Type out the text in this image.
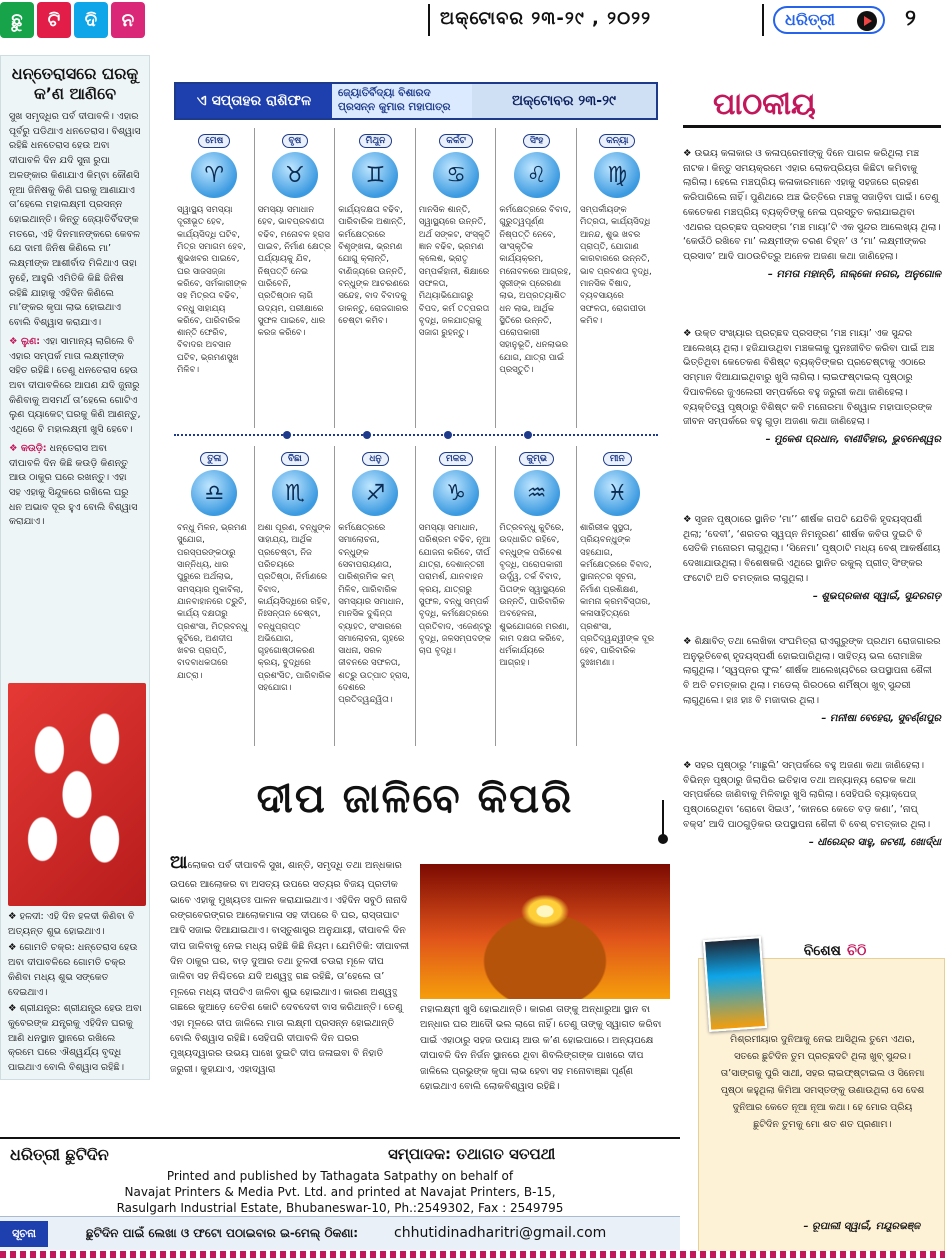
ଛୁ	ଟି	ଦି	ନ	ଅକ୍ଟୋବର ୨୩-୨୯ , ୨୦୨୨	ଧରିତ୍ରୀ	୨
ଧନ୍‌ତେରାସରେ ଘରକୁ କ’ଣ ଆଣିବେ

ସୁଖ ସମୃଦ୍ଧିର ପର୍ବ ଦୀପାବଳି। ଏହାର ପୂର୍ବରୁ ପଡିଥାଏ ଧନତେରାସ। ବିଶ୍ୱାସ ରହିଛି ଧନତେରାସ ହେଉ ଅବା ଦୀପାବଳି ଦିନ ଯଦି ସୁନା ରୁପା ଅଳଙ୍କାର କିଣାଯାଏ କିମ୍ବା କୌଣସି ନୂଆ ଜିନିଷକୁ କିଣି ଘରକୁ ଆଣାଯାଏ ତା’ହେଲେ ମହାଲକ୍ଷ୍ମୀ ପ୍ରସନ୍ନ ହୋଇଥାନ୍ତି। କିନ୍ତୁ ଜ୍ୟୋତିର୍ବିଦଙ୍କ ମତରେ, ଏହି ଦିନମାନଙ୍କରେ କେବଳ ଯେ ଦାମୀ ଜିନିଷ କିଣିଲେ ମା’ ଲକ୍ଷ୍ମୀଙ୍କ ଆଶୀର୍ବାଦ ମିଳିଥାଏ ତାହା ନୁହେଁ, ଆହୁରି ଏମିତିକି କିଛି ଜିନିଷ ରହିଛି ଯାହାକୁ ଏହିଦିନ କିଣିଲେ ମା’ଙ୍କର କୃପା ଲାଭ ହୋଇଥାଏ ବୋଲି ବିଶ୍ୱାସ କରାଯାଏ।

❖ ଲୁଣ: ଏହା ସାମାନ୍ୟ ଲାଗିଲେ ବି ଏହାର ସମ୍ପର୍କ ମାତା ଲକ୍ଷ୍ମୀଙ୍କ ସହିତ ରହିଛି। ତେଣୁ ଧନତେରାସ ହେଉ ଅବା ଦୀପାବଳିରେ ଆପଣ ଯଦି ଜୁନାରୁ କିଣିବାକୁ ଅସମର୍ଥ ତା’ହେଲେ ଗୋଟିଏ ଲୁଣ ପ୍ୟାକେଟ୍ ଘରକୁ କିଣି ଆଣନ୍ତୁ, ଏଥିରେ ବି ମହାଲକ୍ଷ୍ମୀ ଖୁସି ହେବେ।

❖ କଉଡ଼ି: ଧନ୍‌ତେରାସ ଅବା ଦୀପାବଳି ଦିନ କିଛି କଉଡ଼ି କିଣନ୍ତୁ ଆଉ ଠାକୁର ଘରେ ରଖନ୍ତୁ। ଏହା ସହ ଏହାକୁ ସିନ୍ଦୁକରେ ରଖିଲେ ଘରୁ ଧନ ଅଭାବ ଦୂର ହୁଏ ବୋଲି ବିଶ୍ୱାସ କରାଯାଏ।

❖ ହଳଦୀ: ଏହି ଦିନ ହଳଦୀ କିଣିବା ବି ଅତ୍ୟନ୍ତ ଶୁଭ ହୋଇଥାଏ।

❖ ଗୋମତି ଚକ୍ର: ଧନ୍‌ତେରାସ ହେଉ ଅବା ଦୀପାବଳିରେ ଗୋମତି ଚକ୍ର କିଣିବା ମଧ୍ୟ ଶୁଭ ସଙ୍କେତ ଦେଇଥାଏ।

❖ ଶ୍ରୀଯନ୍ତ୍ର: ଶ୍ରୀଯନ୍ତ୍ର ହେଉ ଅବା କୁବେରଙ୍କ ଯନ୍ତ୍ରକୁ ଏହିଦିନ ଘରକୁ ଆଣି ଧନସ୍ଥାନ ସ୍ଥାନରେ ରଖିଲେ କ୍ରମେ ଘରେ ଐଶ୍ୱର୍ଯ୍ୟ ବୃଦ୍ଧି ପାଇଥାଏ ବୋଲି ବିଶ୍ୱାସ ରହିଛି।

ଏ ସପ୍ତାହର ରାଶିଫଳ	ଜ୍ୟୋତିର୍ବିଦ୍ୟା ବିଶାରଦ
ପ୍ରସନ୍ନ କୁମାର ମହାପାତ୍ର	ଅକ୍ଟୋବର ୨୩-୨୯
ମେଷ
♈
ସ୍ୱାସ୍ଥ୍ୟ ସମସ୍ୟା ଦୂରୀଭୂତ ହେବ, କାର୍ଯ୍ୟସିଦ୍ଧି ଘଟିବ, ମିତ୍ର ସମାଗମ ହେବ, ଶୁଭଖବର ପାଇବେ, ଘର ସାଜସଜ୍ଜା କରିବେ, ସର୍ମକାରୀଙ୍କ ସହ ମିତ୍ରତା ବଢିବ, ବନ୍ଧୁ ସାହାଯ୍ୟ କରିବେ, ପାରିବାରିକ ଶାନ୍ତି ଫେରିବ, ବିବାଦର ଅବସାନ ଘଟିବ, ଭ୍ରମଣସୁଖ ମିଳିବ।
ବୃଷ
♉
ସମସ୍ୟା ସମାଧାନ ହେବ, ଭାବପ୍ରବଣତା ବଢିବ, ମନୋବଳ ହ୍ରାସ ପାଇବ, ନିର୍ମାଣ କ୍ଷେତ୍ର ପର୍ଯ୍ୟାୟକୁ ଯିବ, ନିଷ୍ପତ୍ତି ନେଇ ପାରିବେନି, ପ୍ରତିଷ୍ଠାନ ଲାଗି ଉଦ୍ୟମ, ପରୀକ୍ଷାରେ ସୁଫଳ ପାଇବେ, ଧାର କରଜ କରିବେ।
ମିଥୁନ
♊
କାର୍ଯ୍ୟଦକ୍ଷତା ବଢିବ, ପାରିବାରିକ ଅଶାନ୍ତି, କର୍ମକ୍ଷେତ୍ରରେ ବିଶୃଙ୍ଖଳା, ଭ୍ରମଣ ଯୋଗୁ କ୍ଲାନ୍ତି, ବାଣିଜ୍ୟରେ ଉନ୍ନତି, ବନ୍ଧୁଙ୍କ ଆଚରଣରେ ସନ୍ଦେହ, ବାଦ ବିବାଦକୁ ଡାକନ୍ତୁ, ରୋଜଗାରର ଚେଷ୍ଟା କମିବ।
କର୍କଟ
♋
ମାନସିକ ଶାନ୍ତି, ସ୍ୱାସ୍ଥ୍ୟରେ ଉନ୍ନତି, ଅର୍ଥ ସଙ୍କଟ, ସଂସ୍କୃତି ଜ୍ଞାନ ବଢିବ, ଭ୍ରମଣ କ୍ଲେଶ, ଭ୍ରାତୃ ସମ୍ପର୍କହାନୀ, ଶିକ୍ଷାରେ ସଫଳତା, ମିଥ୍ୟାଭିଯୋଗରୁ ବିପଦ, କର୍ମ ତତ୍ପରତା ବୃଦ୍ଧି, ଜଳଯାତ୍ରାକୁ ସଜାଗ ରୁହନ୍ତୁ।
ସିଂହ
♌
କର୍ମକ୍ଷେତ୍ରରେ ବିବାଦ, ଗୁରୁତ୍ୱପୂର୍ଣ୍ଣ ନିଷ୍ପତ୍ତି ନେବେ, ସାଂସ୍କୃତିକ କାର୍ଯ୍ୟକ୍ରମ, ମନୋବଳରେ ଆଗ୍ରହ, ସ୍ତ୍ରୀଙ୍କ ପ୍ରେରଣା ଲାଭ, ଅପ୍ରତ୍ୟାଶିତ ଧନ ଲାଭ, ଆର୍ଥିକ ସ୍ଥିତିରେ ଉନ୍ନତି, ପରୋପକାରୀ ସହାନୁଭୂତି, ଧନଲାଭର ଯୋଗ, ଯାତ୍ରା ପାଇଁ ପ୍ରସ୍ତୁତି।
କନ୍ୟା
♍
ସମ୍ପର୍କୀୟଙ୍କ ମିତ୍ରତା, କାର୍ଯ୍ୟସିଦ୍ଧି ଆନନ୍ଦ, ଶୁଭ ଖବର ପ୍ରାପ୍ତି, ଯୋଗାଣ କାରବାରରେ ଉନ୍ନତି, ଭାବ ପ୍ରବଣତା ବୃଦ୍ଧି, ମାନସିକ ବିଷାଦ, ବ୍ୟବସାୟରେ ସଫଳତା, ରୋଗପୀଡା କମିବ।
ତୁଳା
♎
ବନ୍ଧୁ ମିଳନ, ଭ୍ରମଣ ସୁଯୋଗ, ପରସ୍ପରଙ୍କଠାରୁ ସାନ୍ନିଧ୍ୟ, ଧାର ପୁରୁରେ ଅର୍ଥଲାଭ, ସମସ୍ୟାର ମୁକାବିଲା, ଯାନବାହାନରେ ତ୍ରୁଟି, କାର୍ଯ୍ୟ ଦକ୍ଷତାରୁ ପ୍ରଶଂସା, ମିତ୍ରବନ୍ଧୁ କୁଟିରେ, ଅଣଦୀପ ଖବର ପ୍ରାପ୍ତି, ବାଦବାଧକତାରେ ଯାତ୍ରା।
ବିଛା
♏
ଅଶା ପୂରଣ, ବନ୍ଧୁଙ୍କ ସାହାଯ୍ୟ, ଆର୍ଥିକ ପ୍ରଚେଷ୍ଟା, ନିଜ ପରିଚୟରେ ପ୍ରତିଷ୍ଠା, ନିର୍ମାଣରେ ବିବାଦ, କାର୍ଯ୍ୟସିଦ୍ଧିରେ ରହିବ, ନିଃସନ୍ତାନ ଚେଷ୍ଟା, ବନ୍ଧୁପ୍ରାପ୍ତ ଅଭିଯୋଗ, ଗୃହଗୋଷ୍ଠୀକରଣ କ୍ରୟ, ବୁଦ୍ଧିରେ ପ୍ରଶଂସିତ, ପାରିବାରିକ ସହଯୋଗ।
ଧନୁ
♐
କର୍ମକ୍ଷେତ୍ରରେ ସମାଲୋଚନା, ବନ୍ଧୁଙ୍କ ସେବାପରାୟଣତା, ପାରିଶ୍ରମିକ କମ୍ ମିଳିବ, ପାରିବାରିକ ସମସ୍ୟାର ସମାଧାନ, ମାନସିକ ଦୁଶ୍ଚିନ୍ତା ବ୍ୟାହତ, ସଂସାରରେ ସମାଲୋଚନା, ଗୃହରେ ସାଧନା, ସରଳ ଜୀବନରେ ସଫଳତା, ଶତ୍ରୁ ଉତ୍ପାତ ହ୍ରାସ, ଦେଶରେ ପ୍ରତିଦ୍ୱନ୍ଦ୍ୱିତା।
ମକର
♑
ସମସ୍ୟା ସମାଧାନ, ପରିଶ୍ରମ ବଢିବ, ନୂଆ ଯୋଜନା କରିବେ, ଦୀର୍ଘ ଯାତ୍ରା, ଦେଶାନ୍ତରୀ ପରାମର୍ଶ, ଯାନବାହନ କ୍ରୟ, ଯାତ୍ରାରୁ ସୁଫଳ, ବନ୍ଧୁ ସମ୍ପର୍କ ବୃଦ୍ଧି, କର୍ମକ୍ଷେତ୍ରରେ ପ୍ରତିବାଦ, ଏଜେଣ୍ଟରୁ ବୃଦ୍ଧି, ଜଳସମ୍ପଦଙ୍କ ଚାପ ବୃଦ୍ଧି।
କୁମ୍ଭ
♒
ମିତ୍ରବନ୍ଧୁ କୁଟିରେ, ଉଦ୍ଧାରିତ ରହିବେ, ବନ୍ଧୁଙ୍କ ପରିବେଶ ବୃଦ୍ଧି, ପରୋପକାରୀ ଉର୍ଦ୍ଧ୍ୱ, ତର୍କ ବିବାଦ, ପିତାଙ୍କ ସ୍ୱାସ୍ଥ୍ୟରେ ଉନ୍ନତି, ପାରିବାରିକ ଅବହେଳନା, ଶୁଭଯୋଗରେ ମରଣା, କାମ ଦକ୍ଷତା କରିବେ, ଧର୍ମକାର୍ଯ୍ୟରେ ଆଗ୍ରହ।
ମୀନ
♓
ଶାରିରୀକ ସୁସ୍ଥତା, ପ୍ରିୟବନ୍ଧୁଙ୍କ ସହଯୋଗ, କର୍ମକ୍ଷେତ୍ରରେ ବିବାଦ, ସ୍ଥାନାନ୍ତର ସୂଚନା, ନିର୍ମାଣ ପ୍ରଶିକ୍ଷଣ, କାମନା କ୍ରମବିସ୍ତାର, କଳାସାହିତ୍ୟରେ ପ୍ରଶଂସା, ପ୍ରତିଦ୍ୱନ୍ଦ୍ୱୀଙ୍କ ଦୂର ହେବ, ପାରିବାରିକ ଦୁଃଖମଣା।
ଦୀପ ଜାଳିବେ କିପରି
ଆଲୋକର ପର୍ବ ଦୀପାବଳି ସୁଖ, ଶାନ୍ତି, ସମୃଦ୍ଧି ତଥା ଅନ୍ଧକାର ଉପରେ ଆଲୋକର ବା ଅସତ୍ୟ ଉପରେ ସତ୍ୟର ବିଜୟ ପ୍ରତୀକ ଭାବେ ଏହାକୁ ମୁଖ୍ୟତଃ ପାଳନ କରାଯାଇଥାଏ। ଏହିଦିନ ସବୁଠି ନାନାଦି ରଙ୍ଗବେରଙ୍ଗର ଆଲୋକମାଳା ସହ ଦୀପରେ ବି ଘର, ରାସ୍ତାଘାଟ ଆଦି ସଜାଇ ଦିଆଯାଇଥାଏ। ବାସ୍ତୁଶାସ୍ତ୍ର ଅନୁଯାୟୀ, ଦୀପାବଳି ଦିନ ଦୀପ ଜାଳିବାକୁ ନେଇ ମଧ୍ୟ ରହିଛି କିଛି ନିୟମ। ଯେମିତିକି: ଦୀପାବଳୀ ଦିନ ଠାକୁର ଘର, ବାଡ଼ ଦୁଆର ତଥା ତୁଳସୀ ଚଉରା ମୂଳେ ଦୀପ ଜାଳିବା ସହ ନିଶ୍ଚିତରେ ଯଦି ଅଶ୍ୱତ୍ଥ ଗଛ ରହିଛି, ତା’ହେଲେ ତା’ ମୂଳରେ ମଧ୍ୟ ଦୀପଟିଏ ଜାଳିବା ଶୁଭ ହୋଇଥାଏ। କାରଣ ଅଶ୍ୱତ୍ଥ ଗଛରେ କୁଆଡ଼େ ତେତିଶ କୋଟି ଦେବଦେବୀ ବାସ କରିଥାନ୍ତି। ତେଣୁ ଏହା ମୂଳରେ ଦୀପ ଜାଳିଲେ ମାତା ଲକ୍ଷ୍ମୀ ପ୍ରସନ୍ନ ହୋଇଥାନ୍ତି ବୋଲି ବିଶ୍ୱାସ ରହିଛି। ସେହିପରି ଦୀପାବଳି ଦିନ ଘରର ମୁଖ୍ୟଦ୍ୱାରର ଉଭୟ ପାଖେ ଦୁଇଟି ଦୀପ ଜଳାଇବା ବି ନିହାତି ଜରୁରୀ। କୁହାଯାଏ, ଏହାଦ୍ୱାରା
ମହାଲକ୍ଷ୍ମୀ ଖୁସି ହୋଇଥାନ୍ତି। କାରଣ ତାଙ୍କୁ ଅନ୍ଧାରୁଆ ସ୍ଥାନ ବା ଅନ୍ଧାର ଘର ଆଦୌ ଭଲ ଲାଗେ ନାହିଁ। ତେଣୁ ତାଙ୍କୁ ସ୍ୱାଗତ କରିବା ପାଇଁ ଏହାଠାରୁ ସହଜ ଉପାୟ ଆଉ କ’ଣ ହୋଇପାରେ। ଅନ୍ୟପକ୍ଷେ ଦୀପାବଳି ଦିନ ନିର୍ଜନ ସ୍ଥାନରେ ଥିବା ଶିବଲିଙ୍ଗଙ୍କ ପାଖରେ ଦୀପ ଜାଳିଲେ ପ୍ରଭୁଙ୍କ କୃପା ଲାଭ ହେବା ସହ ମନୋବାଞ୍ଛା ପୂର୍ଣ୍ଣ ହୋଇଥାଏ ବୋଲି ଲୋକବିଶ୍ୱାସ ରହିଛି।
ପାଠକୀୟ

❖ ଉଭୟ କଳାକାର ଓ କଳାପ୍ରେମୀଙ୍କୁ ଦିନେ ପାଗଳ କରିଥିଲା ମଞ୍ଚ ନାଟକ। କିନ୍ତୁ ସମୟକ୍ରମେ ଏହାର ଲୋକପ୍ରିୟତା କିଛିଟା କମିବାକୁ ଲାଗିଲା। ହେଲେ ମଞ୍ଚପ୍ରିୟ କଳାକାରମାନେ ଏହାକୁ ସହଜରେ ଗ୍ରହଣ କରିପାରିଲେ ନାହିଁ। ପୁଣିଥରେ ଅଞ୍ଚ ଭିତ୍ତିରେ ମଞ୍ଚକୁ ସଜାଡ଼ିବା ପାଇଁ। ତେଣୁ କେତେକଣ ମଞ୍ଚପ୍ରିୟ ବ୍ୟକ୍ତିଙ୍କୁ ନେଇ ପ୍ରସ୍ତୁତ କରାଯାଇଥିବା ଏଥରର ପ୍ରଚ୍ଛଦ ପ୍ରସଙ୍ଗ ‘ମଞ୍ଚ ମାୟା’ଟି ଏକ ସୁନ୍ଦର ଆଲେଖ୍ୟ ଥିଲା। ‘କେଉଁଠି ରଖିବେ ମା’ ଲକ୍ଷ୍ମୀଙ୍କ ଚରଣ ଚିହ୍ନ’ ଓ ‘ମା’ ଲକ୍ଷ୍ମୀଙ୍କର ପ୍ରସାଦ’ ଆଦି ପାଠଉଚିତ୍ରୁ ଅନେକ ଅଜଣା କଥା ଜାଣିହେଲା।

– ମମତା ମହାନ୍ତି, ନାଲ୍‌କୋ ନଗର, ଅନୁଗୋଳ

❖ ଉକ୍ତ ସଂଖ୍ୟାର ପ୍ରଚ୍ଛଦ ପ୍ରସଙ୍ଗ ‘ମଞ୍ଚ ମାୟା’ ଏକ ସୁନ୍ଦର ଆଲେଖ୍ୟ ଥିଲା। ହଜିଯାଉଥିବା ମଞ୍ଚକଳାକୁ ପୁନଃଜୀବିତ କରିବା ପାଇଁ ଅଞ୍ଚ ଭିତ୍ତିଥିବା କେତେକଣ ବିଶିଷ୍ଟ ବ୍ୟକ୍ତିଙ୍କର ପ୍ରଚେଷ୍ଟାକୁ ଏଠାରେ ସମ୍ମାନ ଦିଆଯାଇଥିବାରୁ ଖୁସି ଲାଗିଲା। ଲାଇଫଷ୍ଟାଇଲ୍ ପୃଷ୍ଠାରୁ ଦିପାବଳିରେ ଜୁଏଲେରୀ ସମ୍ପର୍କରେ ବହୁ ଜରୁରୀ କଥା ଜାଣିହେଲା। ବ୍ୟକ୍ତିତ୍ୱ ପୃଷ୍ଠାରୁ ବିଶିଷ୍ଟ କବି ମନୋରମା ବିଶ୍ୱାଳ ମହାପାତ୍ରଙ୍କ ଜୀବନ ସମ୍ପର୍କରେ ବହୁ ଗୁଡ଼ା ଅଜଣା କଥା ଜାଣିହେଲା।

– ମୁକେଶ ପ୍ରଧାନ, ବାଣୀବିହାର, ଭୁବନେଶ୍ୱର

❖ ସୃଜନ ପୃଷ୍ଠାରେ ସ୍ଥାନିତ ‘ମା’’ ଶୀର୍ଷକ ଗପଟି ଯେତିକି ହୃଦୟସ୍ପର୍ଶୀ ଥିଲା; ‘ଦେବୀ’, ‘ଶରତର ସ୍ୱପ୍ନ ନିମନ୍ତ୍ରଣ’ ଶୀର୍ଷକ କବିତା ଦୁଇଟି ବି ସେତିକି ମନୋରମ ଲାଗୁଥିଲା। ‘ସିନେମା’ ପୃଷ୍ଠାଟି ମଧ୍ୟ ବେଶ୍ ଆକର୍ଷଣୀୟ ଦେଖାଯାଉଥିଲା। ବିଶେଷକରି ଏଥିରେ ସ୍ଥାନିତ ରକୁଲ୍ ପ୍ରୀତ୍ ସିଂଙ୍କର ଫଟୋଟି ଅତି ଚମତ୍କାର ଲାଗୁଥିଲା।

– ଶୁଭପ୍ରକାଶ ସ୍ୱାଇଁ, ସୁନ୍ଦରଗଡ଼

❖ ଶିକ୍ଷାବିତ୍ ତଥା ଲେଖିକା ସଂଘମିତ୍ରା ରାଏଗୁରୁଙ୍କ ପ୍ରଥମ ରୋଜଗାରର ଅନୁଭୂତିବେଶ୍ ହୃଦୟସ୍ପର୍ଶୀ ହୋଇପାରିଥିଲା। ସାହିତ୍ୟ ଭଲ ରୋମାଞ୍ଚିକ ଲାଗୁଥିଲା। ‘ସ୍ୱପ୍ନର ଫୁଲ’ ଶୀର୍ଷକ ଆଲେଖ୍ୟଟିରେ ଉପସ୍ଥାପନା ଶୈଳୀ ବି ଅତି ଚମତ୍କାର ଥିଲା। ମଡେଲ୍ ଗିରଠରେ ଶର୍ମିଷ୍ଠା ଖୁବ୍ ସୁନ୍ଦରୀ ଲାଗୁଥିଲେ। ହାଃ ହାଃ ବି ମଜାଦାର ଥିଲା।

– ମନୀଷା ବେହେରା, ସୁବର୍ଣ୍ଣପୁର

❖ ସହର ପୃଷ୍ଠାରୁ ‘ମାଛୁଲି’ ସମ୍ପର୍କରେ ବହୁ ଅଜଣା କଥା ଜାଣିହେଲା। ବିଭିନ୍ନ ପୃଷ୍ଠାରୁ ଜିଲାପିର ଇତିହାସ ତଥା ଅନ୍ୟାନ୍ୟ ରୋଚକ କଥା ସମ୍ପର୍କରେ ଜାଣିବାକୁ ମିଳିବାରୁ ଖୁସି ଲାଗିଲା। ସେହିପରି ବ୍ୟାକ୍‌ପେଜ୍ ପୃଷ୍ଠାରେଥିବା ‘ରୋବୋ ସିଇଓ’, ‘କାନରେ କେତେ ବଡ଼ କଣା’, ‘ନାପ୍ ବକ୍ସ’ ଆଦି ପାଠଗୁଡ଼ିକର ଉପସ୍ଥାପନା ଶୈଳୀ ବି ବେଶ୍ ଚମତ୍କାର ଥିଲା।

– ଧୀରେନ୍ଦ୍ର ସାହୁ, ଜଟଣୀ, ଖୋର୍ଦ୍ଧା

ବିଶେଷ ଚିଠି
ମିଶ୍ରମୀୟାର ଦୁନିଆକୁ ନେଇ ଆସିଥିଲ ତୁମେ ଏଥର, ସତରେ ଛୁଟିଦିନ ତୁମ ପ୍ରଚ୍ଛଦଟି ଥିଲା ଖୁବ୍ ସୁନ୍ଦର। ତା’ସାଙ୍ଗକୁ ପୁରି ସାଥୀ, ସହର ଲାଇଫ୍‌ଷ୍ଟାଇଲ ଓ ସିନେମା ପୃଷ୍ଠା କହୁଥିଲା କିମିଆ ସମସ୍ତଙ୍କୁ ଉଣାଉଥିଲା ସେ ଦେଶ ଦୁନିଆର କେତେ ନୂଆ ନୂଆ କଥା। ହେ ମୋର ପ୍ରିୟ ଛୁଟିଦିନ ତୁମକୁ ମୋ ଶତ ଶତ ପ୍ରଣାମ।
– ରୂପାଲୀ ସ୍ୱାଇଁ, ମୟୂରଭଞ୍ଜ
ଧରିତ୍ରୀ ଛୁଟିଦିନ	ସମ୍ପାଦକ: ତଥାଗତ ସତପଥୀ
Printed and published by Tathagata Satpathy on behalf of
Navajat Printers & Media Pvt. Ltd. and printed at Navajat Printers, B-15,
Rasulgarh Industrial Estate, Bhubaneswar-10, Ph.:2549302, Fax : 2549795
ସୂଚନା	ଛୁଟିଦିନ ପାଇଁ ଲେଖା ଓ ଫଟୋ ପଠାଇବାର ଇ-ମେଲ୍ ଠିକଣା:	chhutidinadharitri@gmail.com
